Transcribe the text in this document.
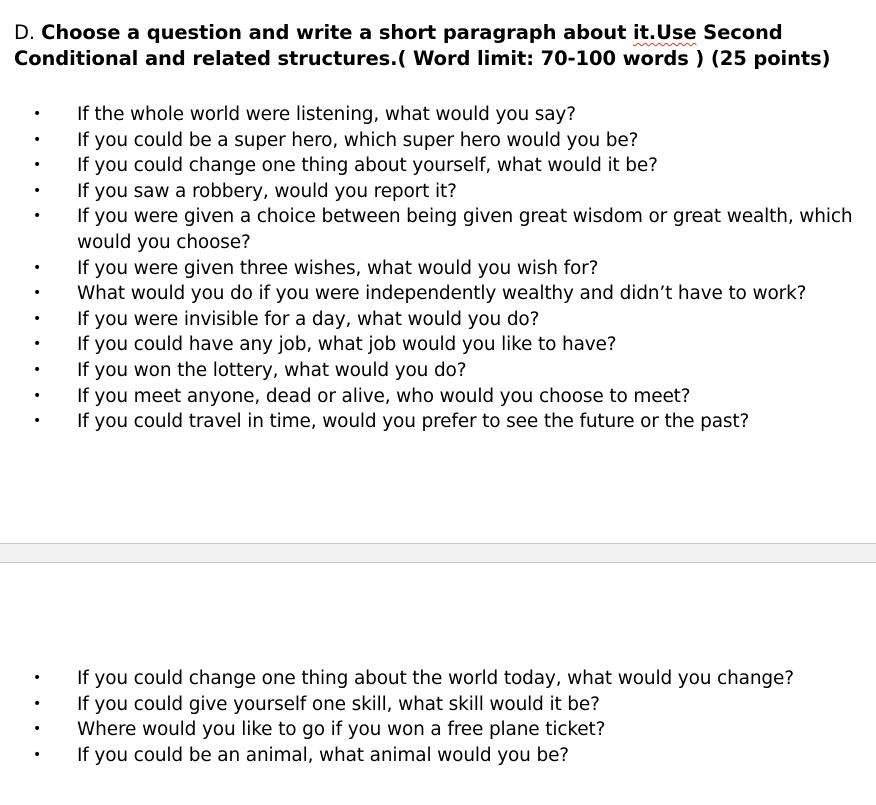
D. Choose a question and write a short paragraph about it.Use Second Conditional and related structures.( Word limit: 70-100 words ) (25 points)
• If the whole world were listening, what would you say?
• If you could be a super hero, which super hero would you be?
• If you could change one thing about yourself, what would it be?
• If you saw a robbery, would you report it?
• If you were given a choice between being given great wisdom or great wealth, which would you choose?
• If you were given three wishes, what would you wish for?
• What would you do if you were independently wealthy and didn’t have to work?
• If you were invisible for a day, what would you do?
• If you could have any job, what job would you like to have?
• If you won the lottery, what would you do?
• If you meet anyone, dead or alive, who would you choose to meet?
• If you could travel in time, would you prefer to see the future or the past?
• If you could change one thing about the world today, what would you change?
• If you could give yourself one skill, what skill would it be?
• Where would you like to go if you won a free plane ticket?
• If you could be an animal, what animal would you be?
